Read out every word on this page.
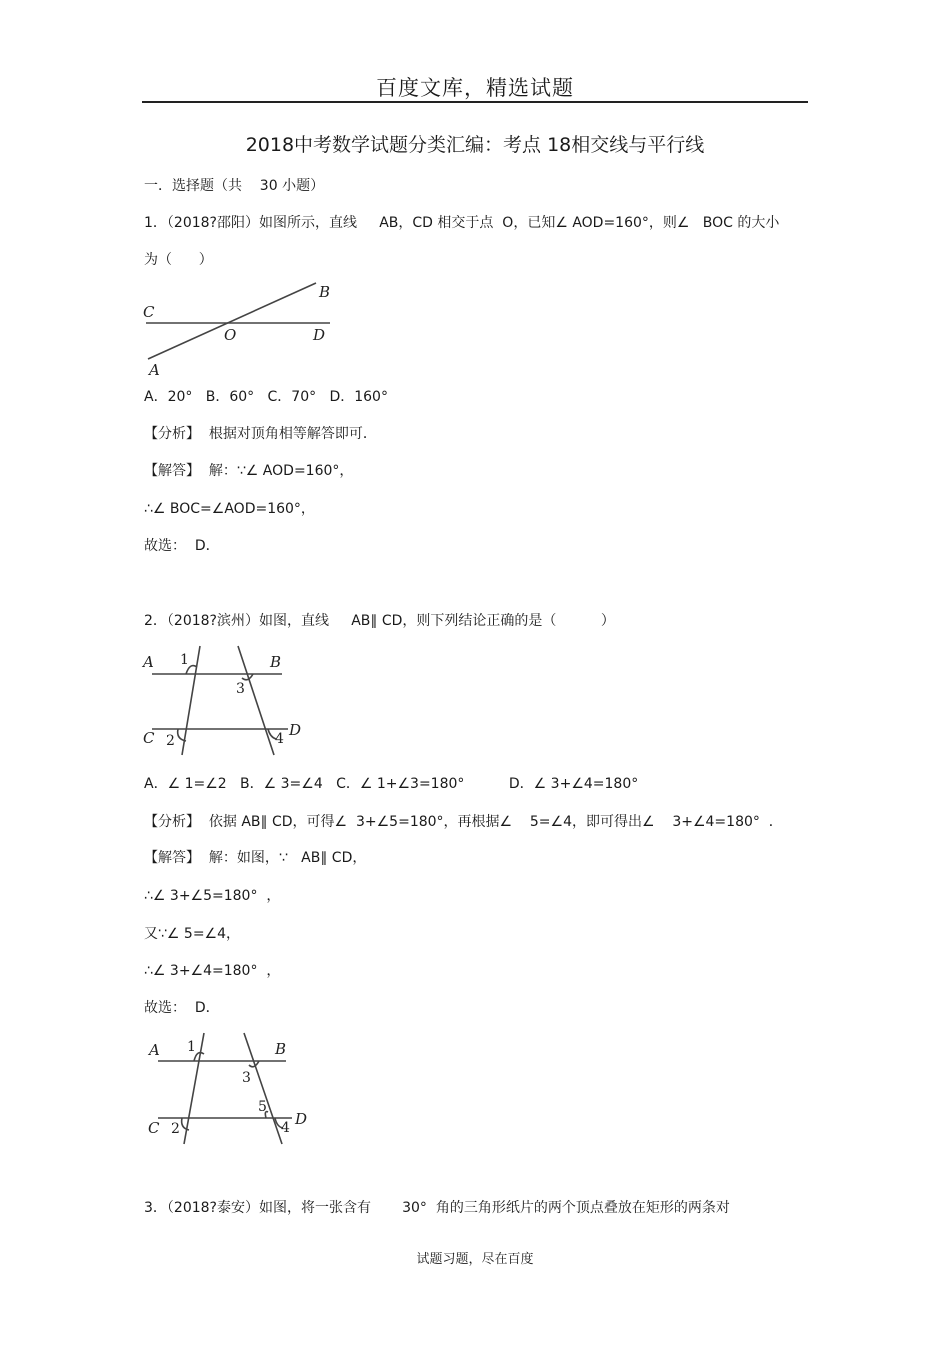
百度文库，精选试题
2018中考数学试题分类汇编：考点 18相交线与平行线
一．选择题（共    30 小题）
1．（2018?邵阳）如图所示，直线     AB，CD 相交于点  O，已知∠ AOD=160°，则∠   BOC 的大小
为（      ）
C
B
O	D
A
A．20°   B．60°   C．70°   D．160°
【分析】  根据对顶角相等解答即可．
【解答】  解：∵∠ AOD=160°，
∴∠ BOC=∠AOD=160°，
故选：  D．
2．（2018?滨州）如图，直线     AB∥ CD，则下列结论正确的是（          ）
A	B
C	D
1
3
2	4
A．∠ 1=∠2   B．∠ 3=∠4   C．∠ 1+∠3=180°          D．∠ 3+∠4=180°
【分析】  依据 AB∥ CD，可得∠  3+∠5=180°，再根据∠    5=∠4，即可得出∠    3+∠4=180°  ．
【解答】  解：如图，∵   AB∥ CD，
∴∠ 3+∠5=180°  ，
又∵∠ 5=∠4，
∴∠ 3+∠4=180°  ，
故选：  D．
A	B
C	D
1
3
5
2	4
3．（2018?泰安）如图，将一张含有       30°  角的三角形纸片的两个顶点叠放在矩形的两条对
试题习题，尽在百度
